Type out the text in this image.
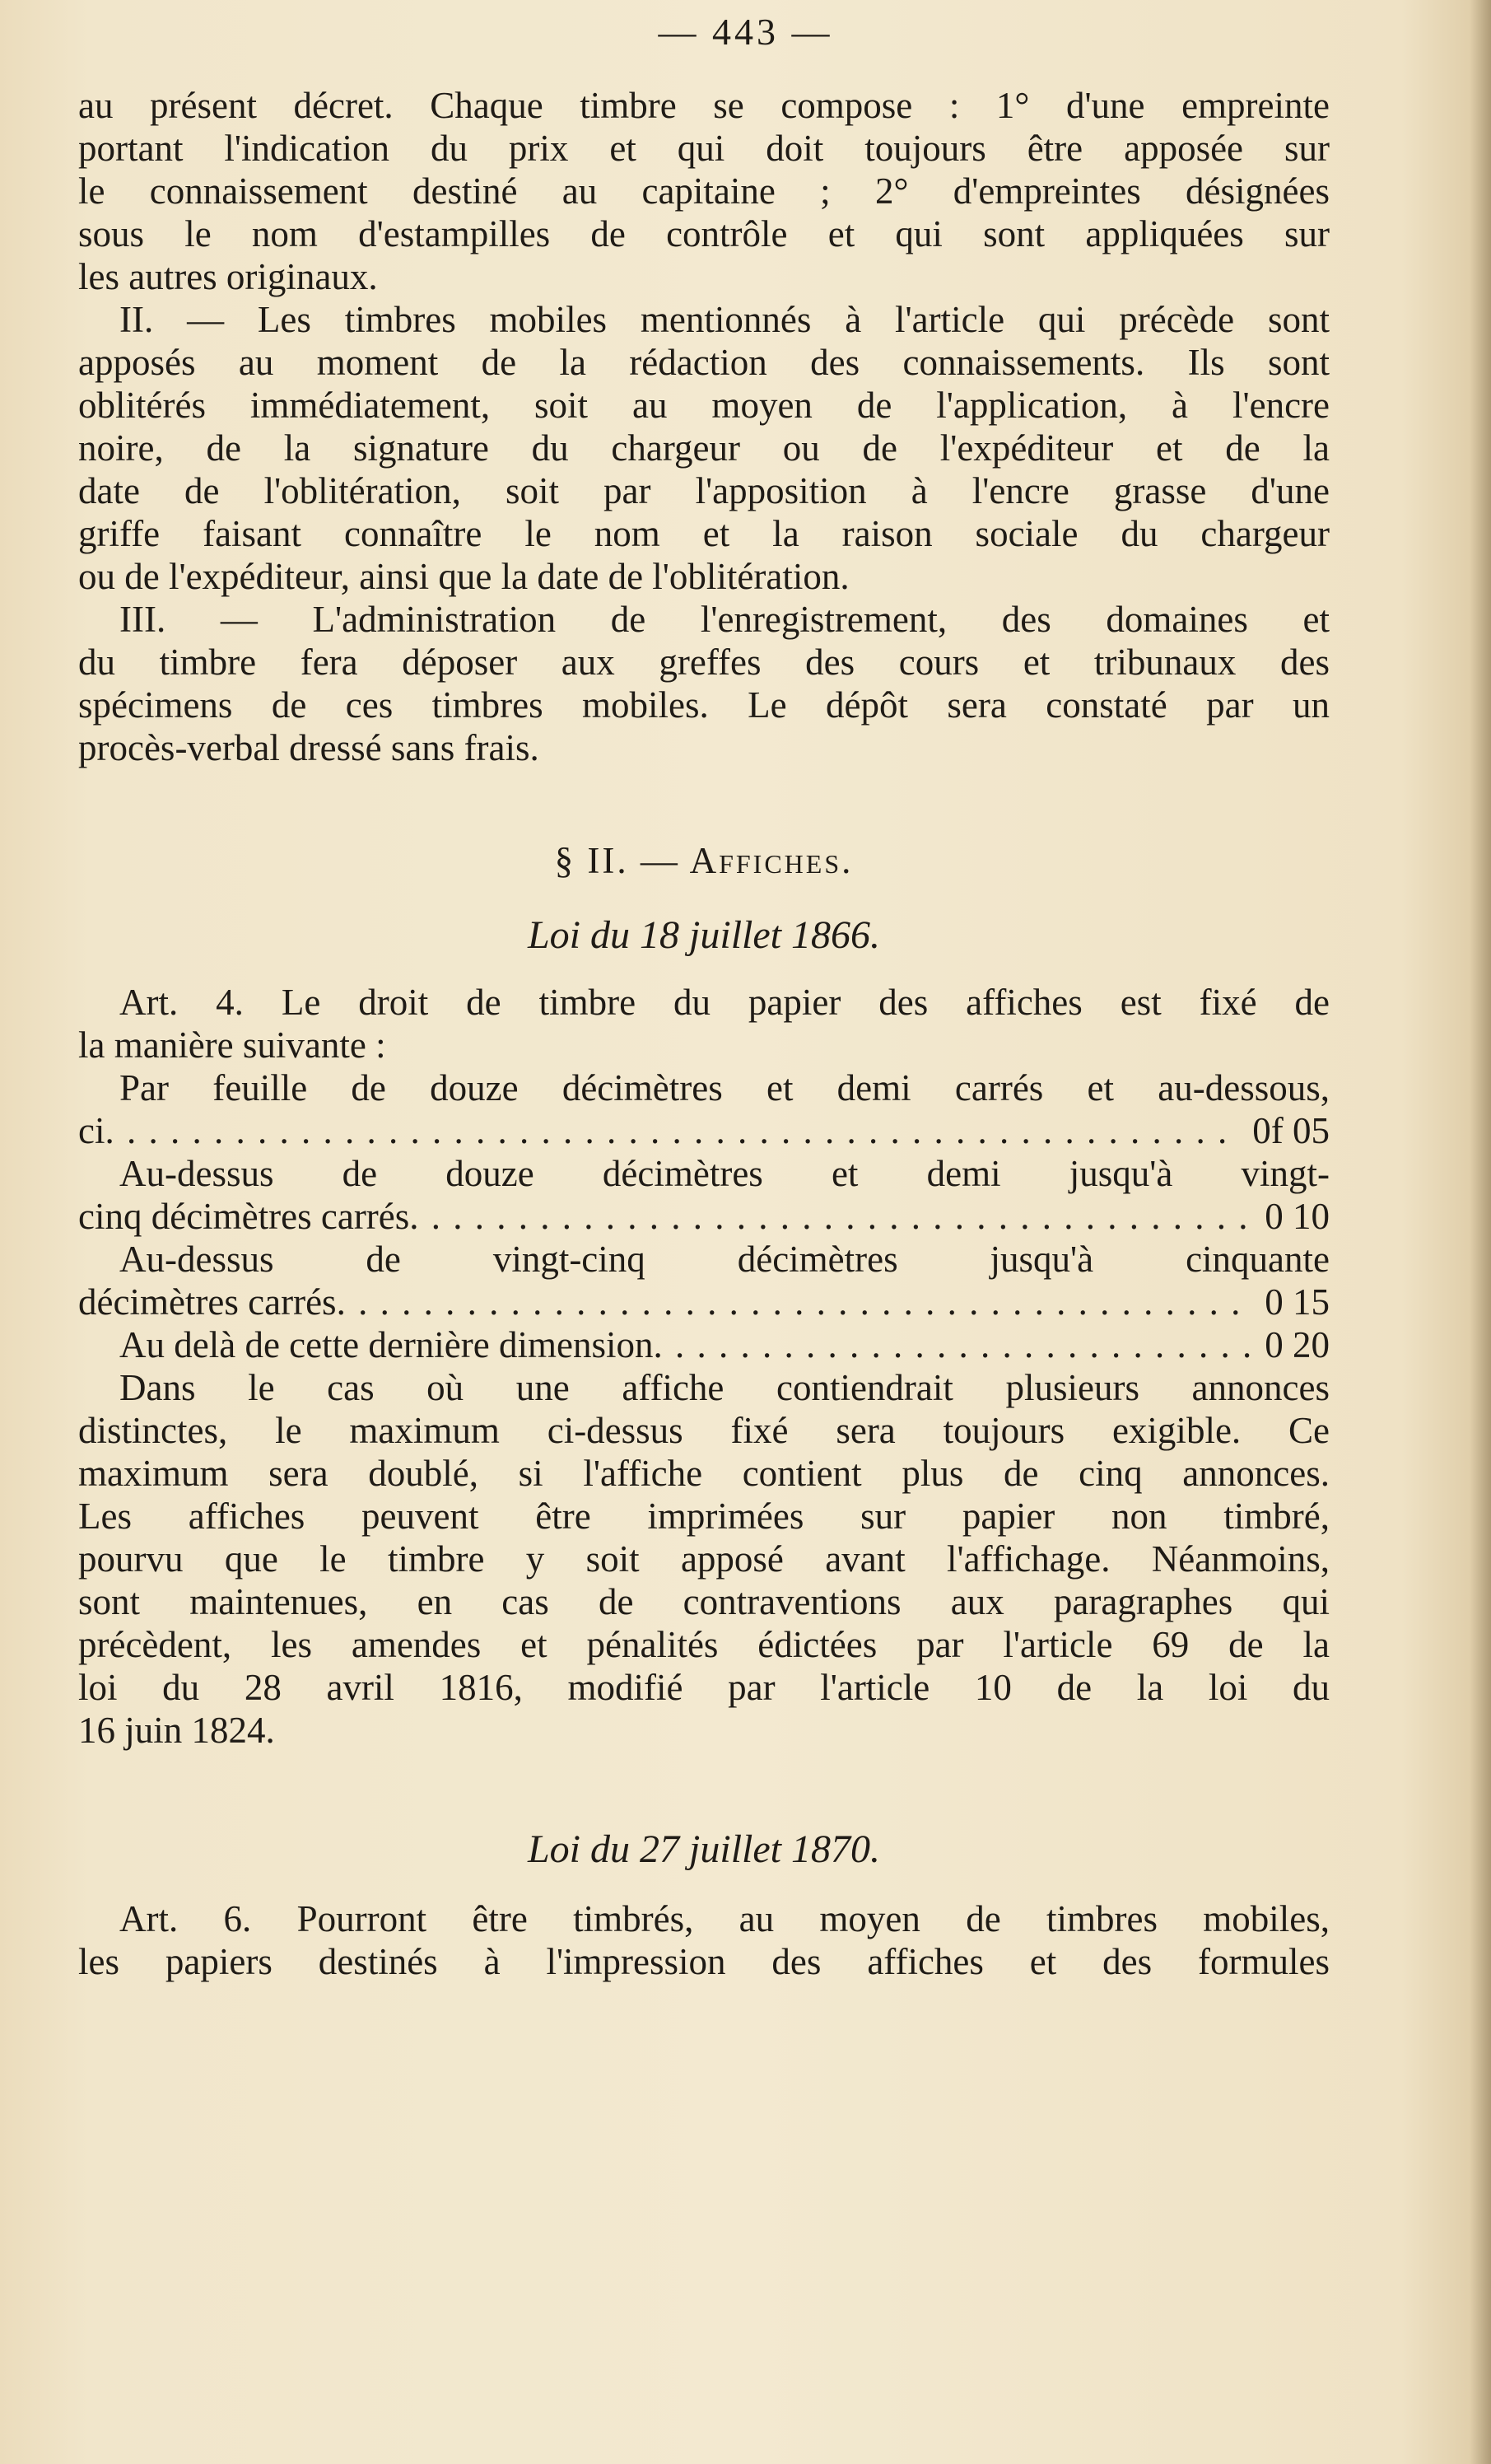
— 443 —
au présent décret. Chaque timbre se compose : 1° d'une empreinte
portant l'indication du prix et qui doit toujours être apposée sur
le connaissement destiné au capitaine ; 2° d'empreintes désignées
sous le nom d'estampilles de contrôle et qui sont appliquées sur
les autres originaux.
II. — Les timbres mobiles mentionnés à l'article qui précède sont
apposés au moment de la rédaction des connaissements. Ils sont
oblitérés immédiatement, soit au moyen de l'application, à l'encre
noire, de la signature du chargeur ou de l'expéditeur et de la
date de l'oblitération, soit par l'apposition à l'encre grasse d'une
griffe faisant connaître le nom et la raison sociale du chargeur
ou de l'expéditeur, ainsi que la date de l'oblitération.
III. — L'administration de l'enregistrement, des domaines et
du timbre fera déposer aux greffes des cours et tribunaux des
spécimens de ces timbres mobiles. Le dépôt sera constaté par un
procès-verbal dressé sans frais.
§ II. — Affiches.
Loi du 18 juillet 1866.
Art. 4. Le droit de timbre du papier des affiches est fixé de
la manière suivante :
Par feuille de douze décimètres et demi carrés et au-dessous,
ci . . .	0f 05
Au-dessus de douze décimètres et demi jusqu'à vingt-
cinq décimètres carrés . . .	0 10
Au-dessus de vingt-cinq décimètres jusqu'à cinquante
décimètres carrés . . .	0 15
Au delà de cette dernière dimension . . .	0 20
Dans le cas où une affiche contiendrait plusieurs annonces
distinctes, le maximum ci-dessus fixé sera toujours exigible. Ce
maximum sera doublé, si l'affiche contient plus de cinq annonces.
Les affiches peuvent être imprimées sur papier non timbré,
pourvu que le timbre y soit apposé avant l'affichage. Néanmoins,
sont maintenues, en cas de contraventions aux paragraphes qui
précèdent, les amendes et pénalités édictées par l'article 69 de la
loi du 28 avril 1816, modifié par l'article 10 de la loi du
16 juin 1824.
Loi du 27 juillet 1870.
Art. 6. Pourront être timbrés, au moyen de timbres mobiles,
les papiers destinés à l'impression des affiches et des formules
